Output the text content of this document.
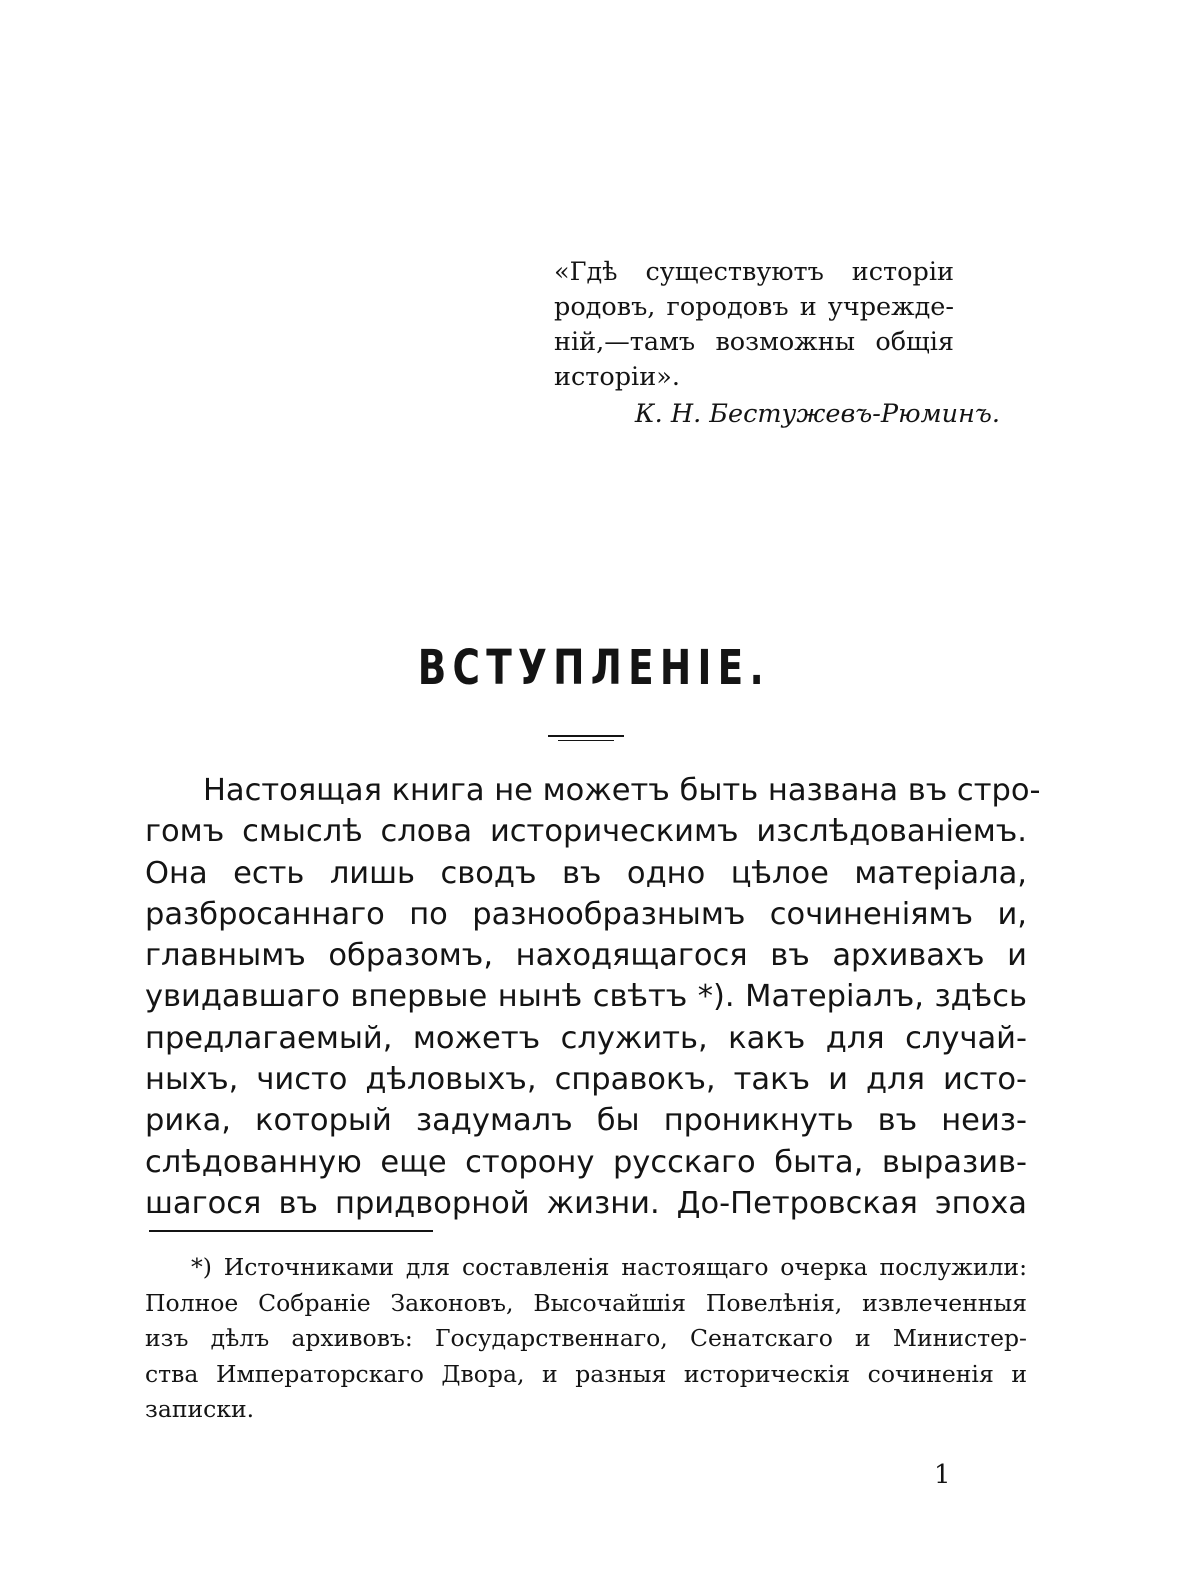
«Гдѣ существуютъ исторіи
родовъ, городовъ и учрежде-
ній,—тамъ возможны общія
исторіи».
К. Н. Бестужевъ-Рюминъ.
ВСТУПЛЕНІЕ.
Настоящая книга не можетъ быть названа въ стро-
гомъ смыслѣ слова историческимъ изслѣдованіемъ.
Она есть лишь сводъ въ одно цѣлое матеріала,
разбросаннаго по разнообразнымъ сочиненіямъ и,
главнымъ образомъ, находящагося въ архивахъ и
увидавшаго впервые нынѣ свѣтъ *). Матеріалъ, здѣсь
предлагаемый, можетъ служить, какъ для случай-
ныхъ, чисто дѣловыхъ, справокъ, такъ и для исто-
рика, который задумалъ бы проникнуть въ неиз-
слѣдованную еще сторону русскаго быта, выразив-
шагося въ придворной жизни. До-Петровская эпоха
*) Источниками для составленія настоящаго очерка послужили:
Полное Собраніе Законовъ, Высочайшія Повелѣнія, извлеченныя
изъ дѣлъ архивовъ: Государственнаго, Сенатскаго и Министер-
ства Императорскаго Двора, и разныя историческія сочиненія и
записки.
1
